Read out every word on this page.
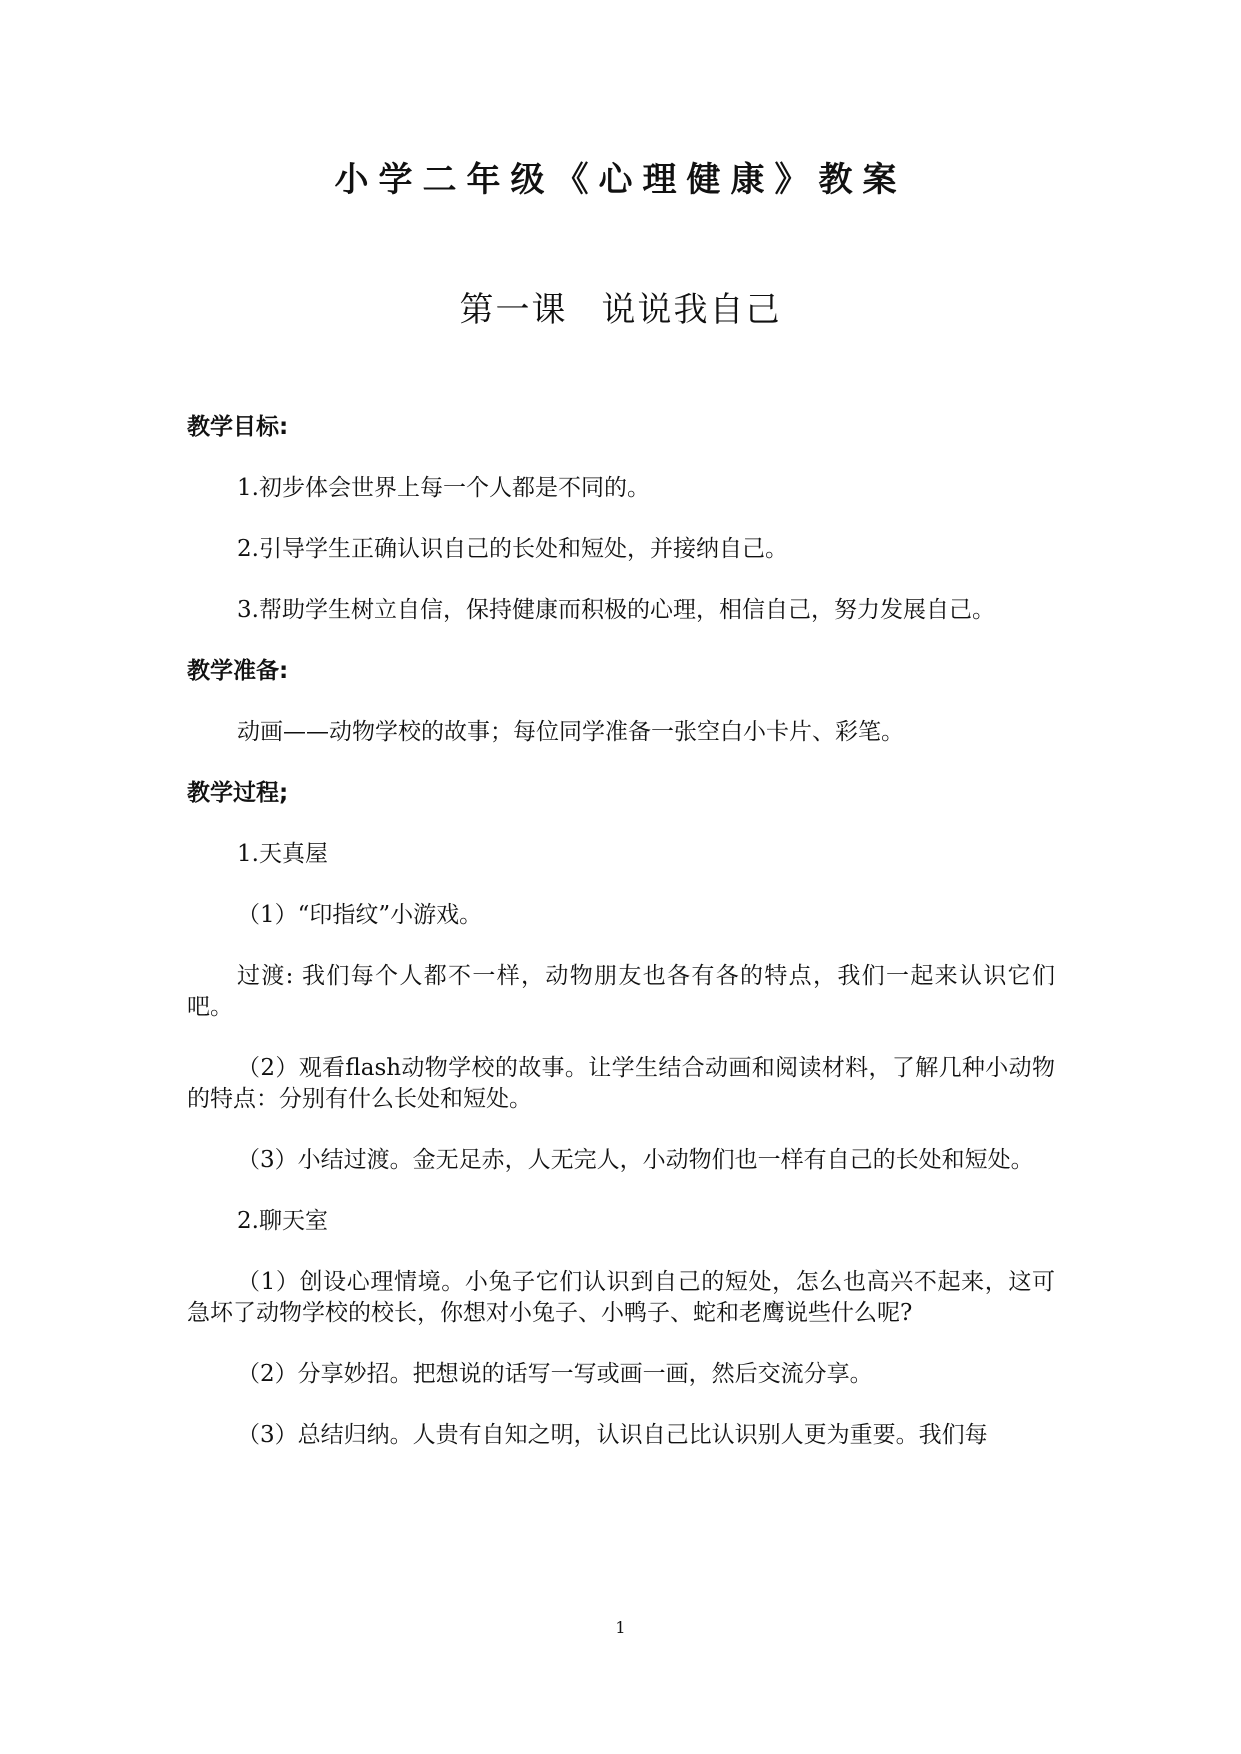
小学二年级《心理健康》教案
第一课 说说我自己

教学目标:

1.初步体会世界上每一个人都是不同的。

2.引导学生正确认识自己的长处和短处，并接纳自己。

3.帮助学生树立自信，保持健康而积极的心理，相信自己，努力发展自己。

教学准备:

动画——动物学校的故事；每位同学准备一张空白小卡片、彩笔。

教学过程;

1.天真屋

（1）“印指纹”小游戏。

过渡: 我们每个人都不一样，动物朋友也各有各的特点，我们一起来认识它们吧。

（2）观看flash动物学校的故事。让学生结合动画和阅读材料，了解几种小动物的特点：分别有什么长处和短处。

（3）小结过渡。金无足赤，人无完人，小动物们也一样有自己的长处和短处。

2.聊天室

（1）创设心理情境。小兔子它们认识到自己的短处，怎么也高兴不起来，这可急坏了动物学校的校长，你想对小兔子、小鸭子、蛇和老鹰说些什么呢?

（2）分享妙招。把想说的话写一写或画一画，然后交流分享。

（3）总结归纳。人贵有自知之明，认识自己比认识别人更为重要。我们每

1
